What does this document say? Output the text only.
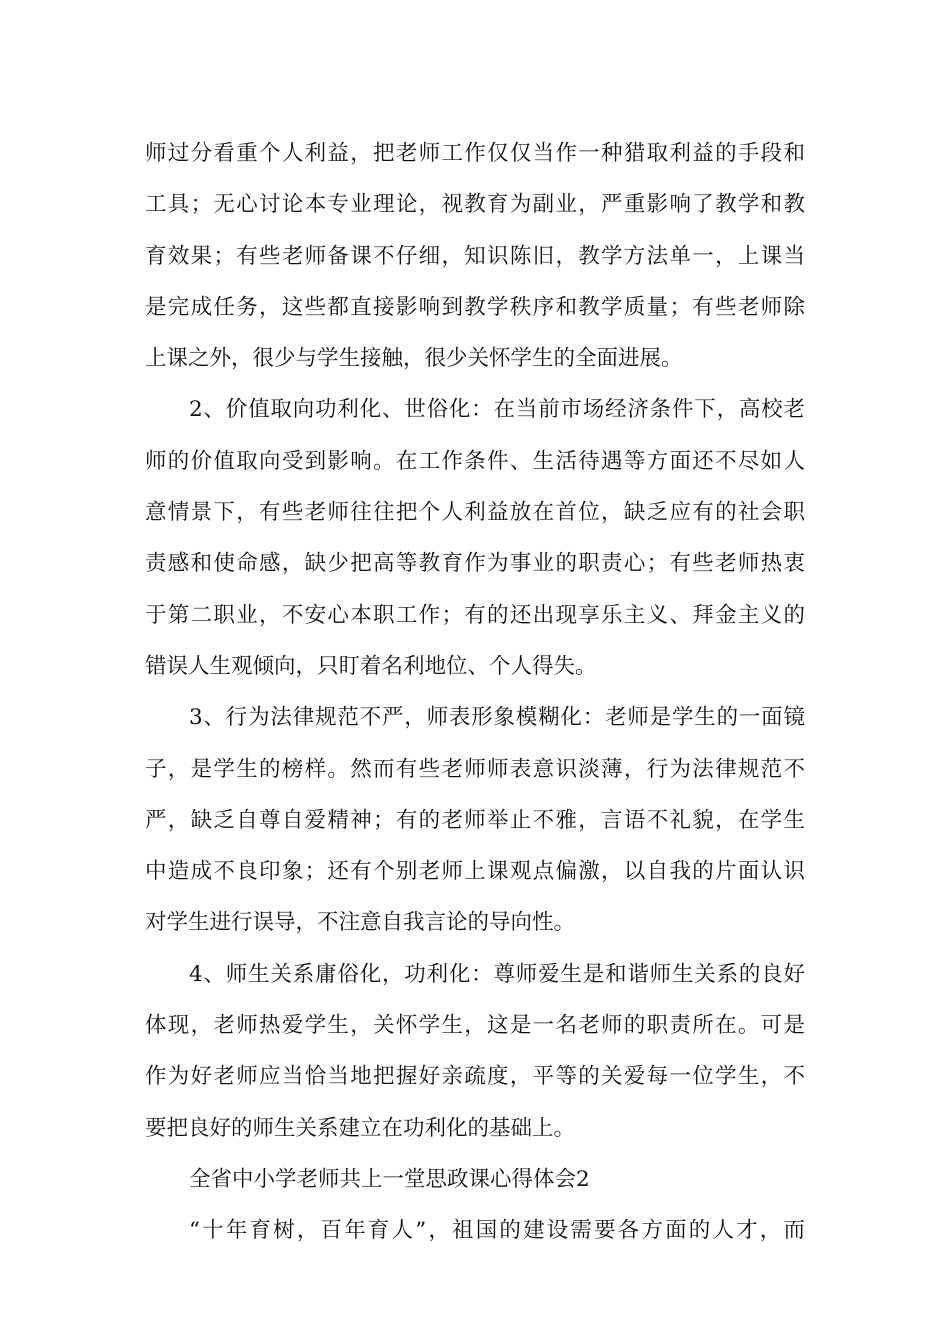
师过分看重个人利益，把老师工作仅仅当作一种猎取利益的手段和
工具；无心讨论本专业理论，视教育为副业，严重影响了教学和教
育效果；有些老师备课不仔细，知识陈旧，教学方法单一，上课当
是完成任务，这些都直接影响到教学秩序和教学质量；有些老师除
上课之外，很少与学生接触，很少关怀学生的全面进展。
2、价值取向功利化、世俗化：在当前市场经济条件下，高校老
师的价值取向受到影响。在工作条件、生活待遇等方面还不尽如人
意情景下，有些老师往往把个人利益放在首位，缺乏应有的社会职
责感和使命感，缺少把高等教育作为事业的职责心；有些老师热衷
于第二职业，不安心本职工作；有的还出现享乐主义、拜金主义的
错误人生观倾向，只盯着名利地位、个人得失。
3、行为法律规范不严，师表形象模糊化：老师是学生的一面镜
子，是学生的榜样。然而有些老师师表意识淡薄，行为法律规范不
严，缺乏自尊自爱精神；有的老师举止不雅，言语不礼貌，在学生
中造成不良印象；还有个别老师上课观点偏激，以自我的片面认识
对学生进行误导，不注意自我言论的导向性。
4、师生关系庸俗化，功利化：尊师爱生是和谐师生关系的良好
体现，老师热爱学生，关怀学生，这是一名老师的职责所在。可是
作为好老师应当恰当地把握好亲疏度，平等的关爱每一位学生，不
要把良好的师生关系建立在功利化的基础上。
全省中小学老师共上一堂思政课心得体会2
“十年育树，百年育人”，祖国的建设需要各方面的人才，而
